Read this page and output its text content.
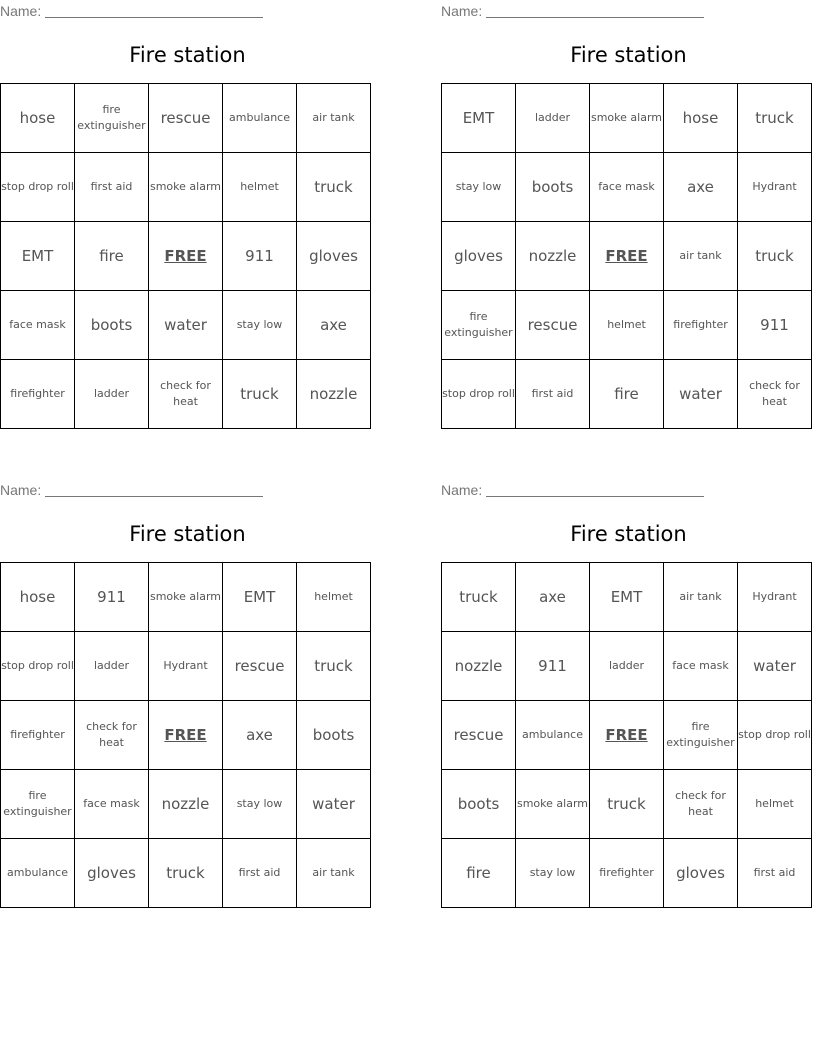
Name:
Fire station
hose	fire extinguisher	rescue	ambulance	air tank
stop drop roll	first aid	smoke alarm	helmet	truck
EMT	fire	FREE	911	gloves
face mask	boots	water	stay low	axe
firefighter	ladder	check for heat	truck	nozzle
Name:
Fire station
EMT	ladder	smoke alarm	hose	truck
stay low	boots	face mask	axe	Hydrant
gloves	nozzle	FREE	air tank	truck
fire extinguisher	rescue	helmet	firefighter	911
stop drop roll	first aid	fire	water	check for heat
Name:
Fire station
hose	911	smoke alarm	EMT	helmet
stop drop roll	ladder	Hydrant	rescue	truck
firefighter	check for heat	FREE	axe	boots
fire extinguisher	face mask	nozzle	stay low	water
ambulance	gloves	truck	first aid	air tank
Name:
Fire station
truck	axe	EMT	air tank	Hydrant
nozzle	911	ladder	face mask	water
rescue	ambulance	FREE	fire extinguisher	stop drop roll
boots	smoke alarm	truck	check for heat	helmet
fire	stay low	firefighter	gloves	first aid
